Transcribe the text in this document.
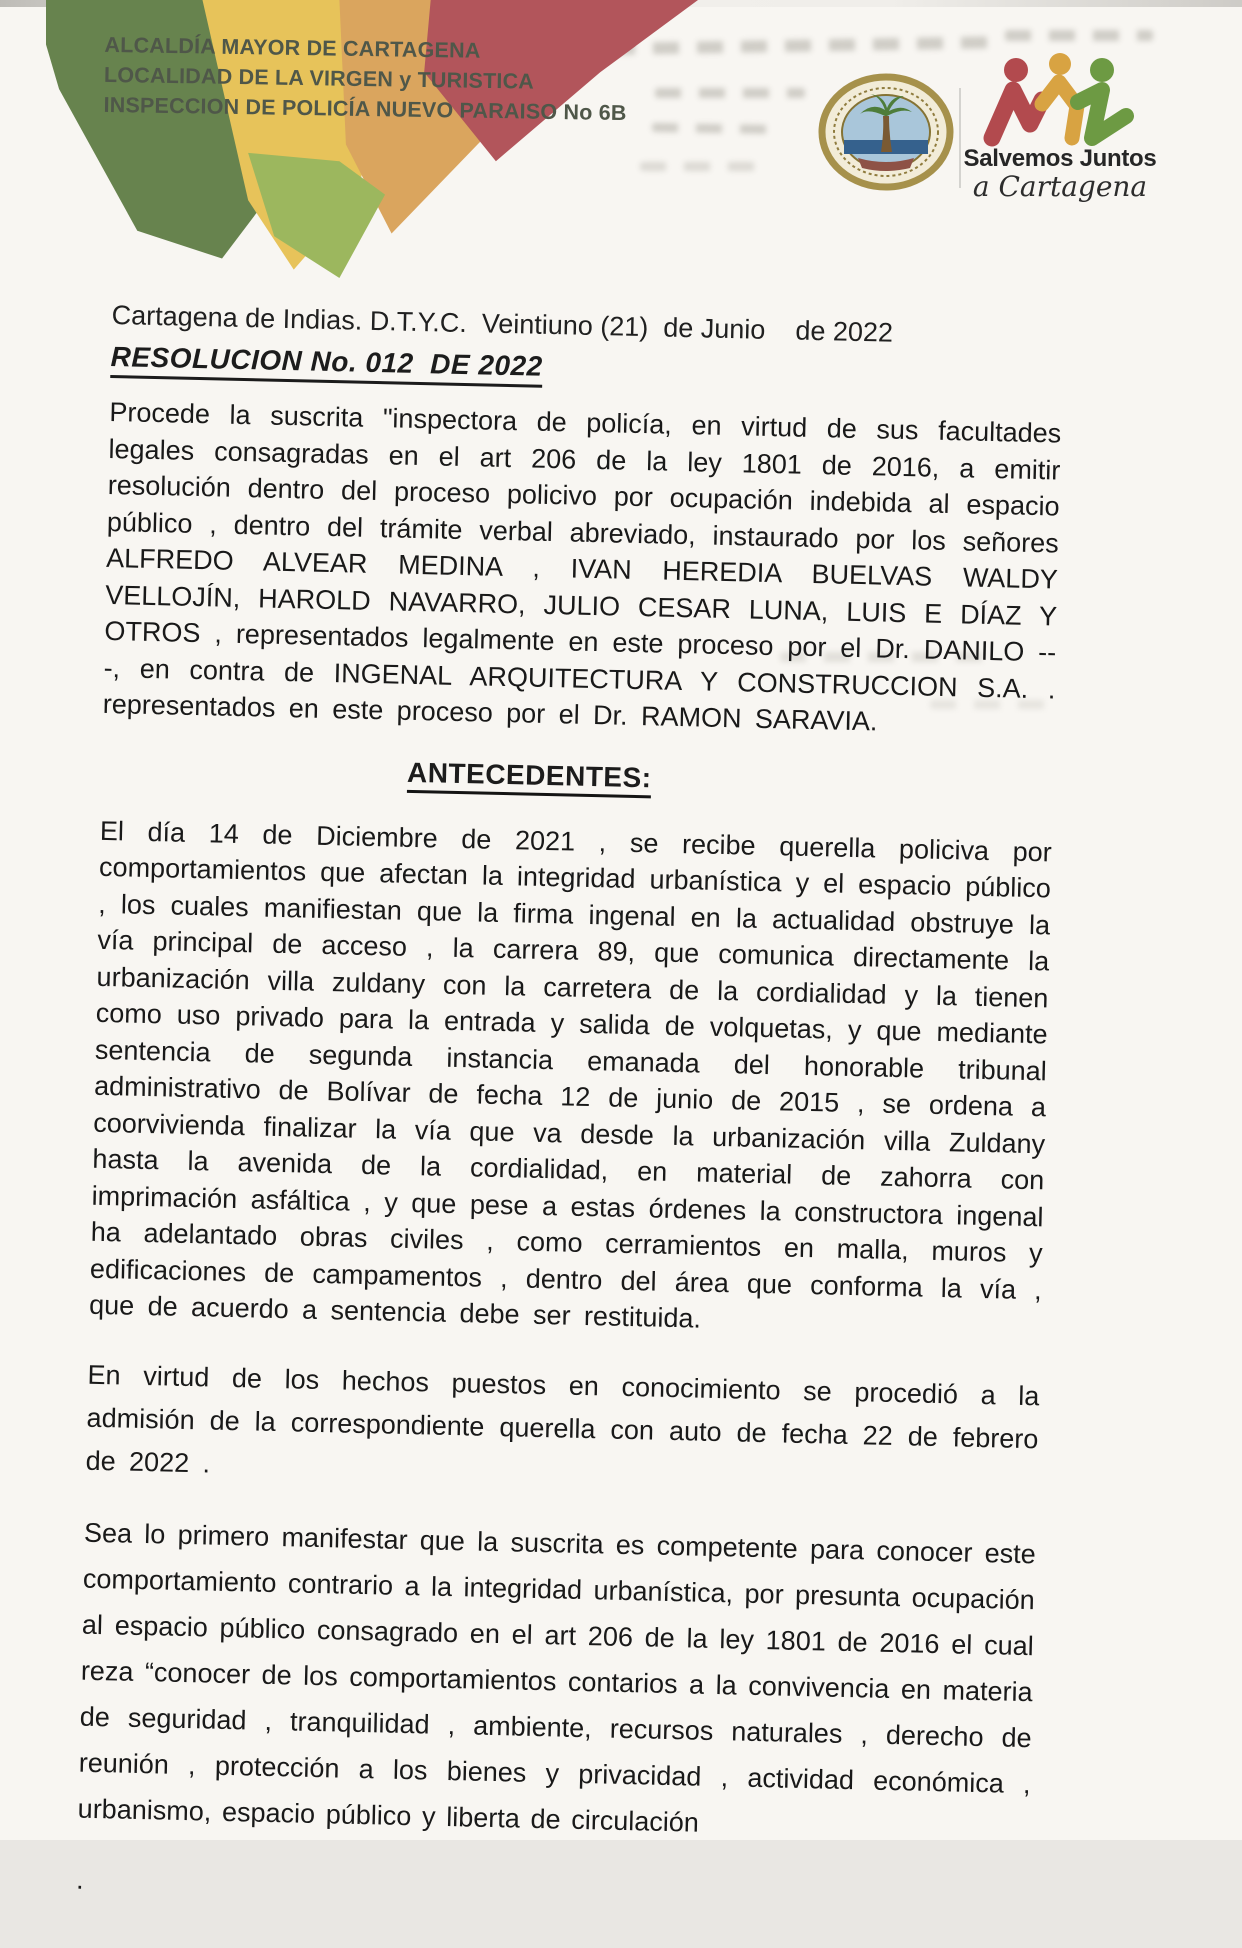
ALCALDÍA MAYOR DE CARTAGENA
LOCALIDAD DE LA VIRGEN y TURISTICA
INSPECCION DE POLICÍA NUEVO PARAISO No 6B
Salvemos Juntos
a Cartagena
Cartagena de Indias. D.T.Y.C.  Veintiuno (21)  de Junio    de 2022
RESOLUCION No. 012  DE 2022

Procede la suscrita "inspectora de policía, en virtud de sus facultades legales consagradas en el art 206 de la ley 1801 de 2016, a emitir resolución dentro del proceso policivo por ocupación indebida al espacio público , dentro del trámite verbal abreviado, instaurado por los señores ALFREDO ALVEAR MEDINA , IVAN HEREDIA BUELVAS WALDY VELLOJÍN, HAROLD NAVARRO, JULIO CESAR LUNA, LUIS E DÍAZ Y OTROS , representados legalmente en este proceso por el Dr. DANILO ---, en contra de INGENAL ARQUITECTURA Y CONSTRUCCION S.A. . representados en este proceso por el Dr. RAMON SARAVIA.

ANTECEDENTES:

El día 14 de Diciembre de 2021 , se recibe querella policiva por comportamientos que afectan la integridad urbanística y el espacio público , los cuales manifiestan que la firma ingenal en la actualidad obstruye la vía principal de acceso , la carrera 89, que comunica directamente la urbanización villa zuldany con la carretera de la cordialidad y la tienen como uso privado para la entrada y salida de volquetas, y que mediante sentencia de segunda instancia emanada del honorable tribunal administrativo de Bolívar de fecha 12 de junio de 2015 , se ordena a coorvivienda finalizar la vía que va desde la urbanización villa Zuldany hasta la avenida de la cordialidad, en material de zahorra con imprimación asfáltica , y que pese a estas órdenes la constructora ingenal ha adelantado obras civiles , como cerramientos en malla, muros y edificaciones de campamentos , dentro del área que conforma la vía , que de acuerdo a sentencia debe ser restituida.

En virtud de los hechos puestos en conocimiento se procedió a la admisión de la correspondiente querella con auto de fecha 22 de febrero de 2022 .

Sea lo primero manifestar que la suscrita es competente para conocer este comportamiento contrario a la integridad urbanística, por presunta ocupación al espacio público consagrado en el art 206 de la ley 1801 de 2016 el cual reza “conocer de los comportamientos contarios a la convivencia en materia de seguridad , tranquilidad , ambiente, recursos naturales , derecho de reunión , protección a los bienes y privacidad , actividad económica , urbanismo, espacio público y liberta de circulación

.
